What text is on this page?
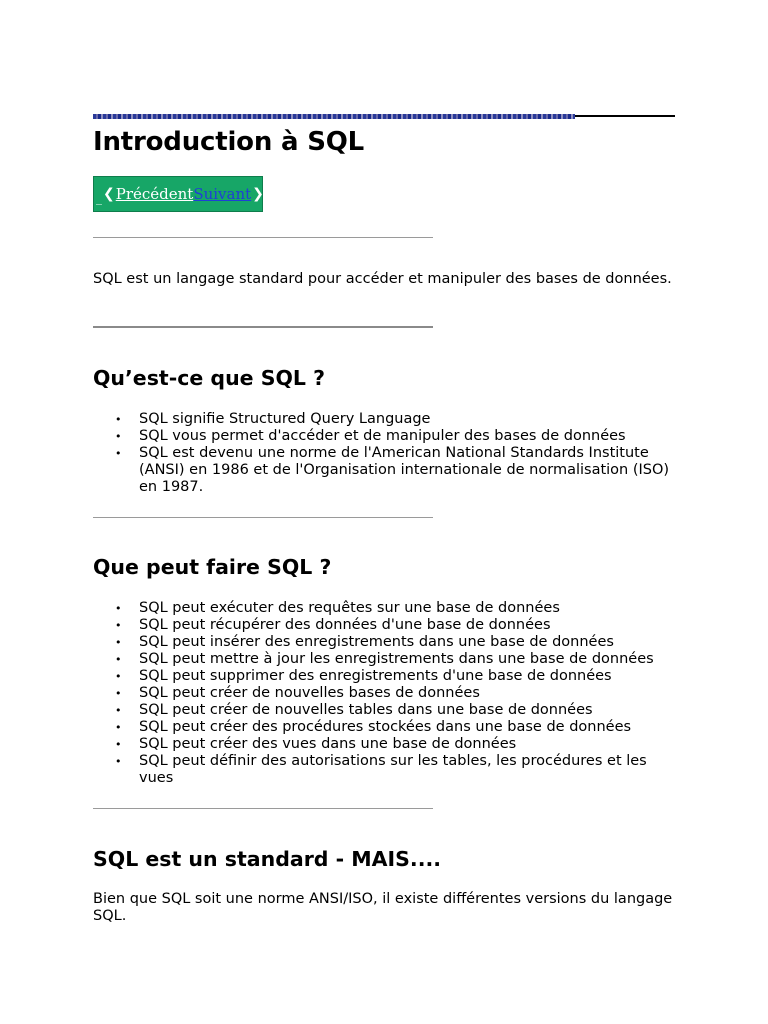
Introduction à SQL
_ ❮ Précédent Suivant ❯

SQL est un langage standard pour accéder et manipuler des bases de données.

Qu’est-ce que SQL ?
• SQL signifie Structured Query Language
• SQL vous permet d'accéder et de manipuler des bases de données
• SQL est devenu une norme de l'American National Standards Institute (ANSI) en 1986 et de l'Organisation internationale de normalisation (ISO) en 1987.
Que peut faire SQL ?
• SQL peut exécuter des requêtes sur une base de données
• SQL peut récupérer des données d'une base de données
• SQL peut insérer des enregistrements dans une base de données
• SQL peut mettre à jour les enregistrements dans une base de données
• SQL peut supprimer des enregistrements d'une base de données
• SQL peut créer de nouvelles bases de données
• SQL peut créer de nouvelles tables dans une base de données
• SQL peut créer des procédures stockées dans une base de données
• SQL peut créer des vues dans une base de données
• SQL peut définir des autorisations sur les tables, les procédures et les vues
SQL est un standard - MAIS....

Bien que SQL soit une norme ANSI/ISO, il existe différentes versions du langage SQL.
